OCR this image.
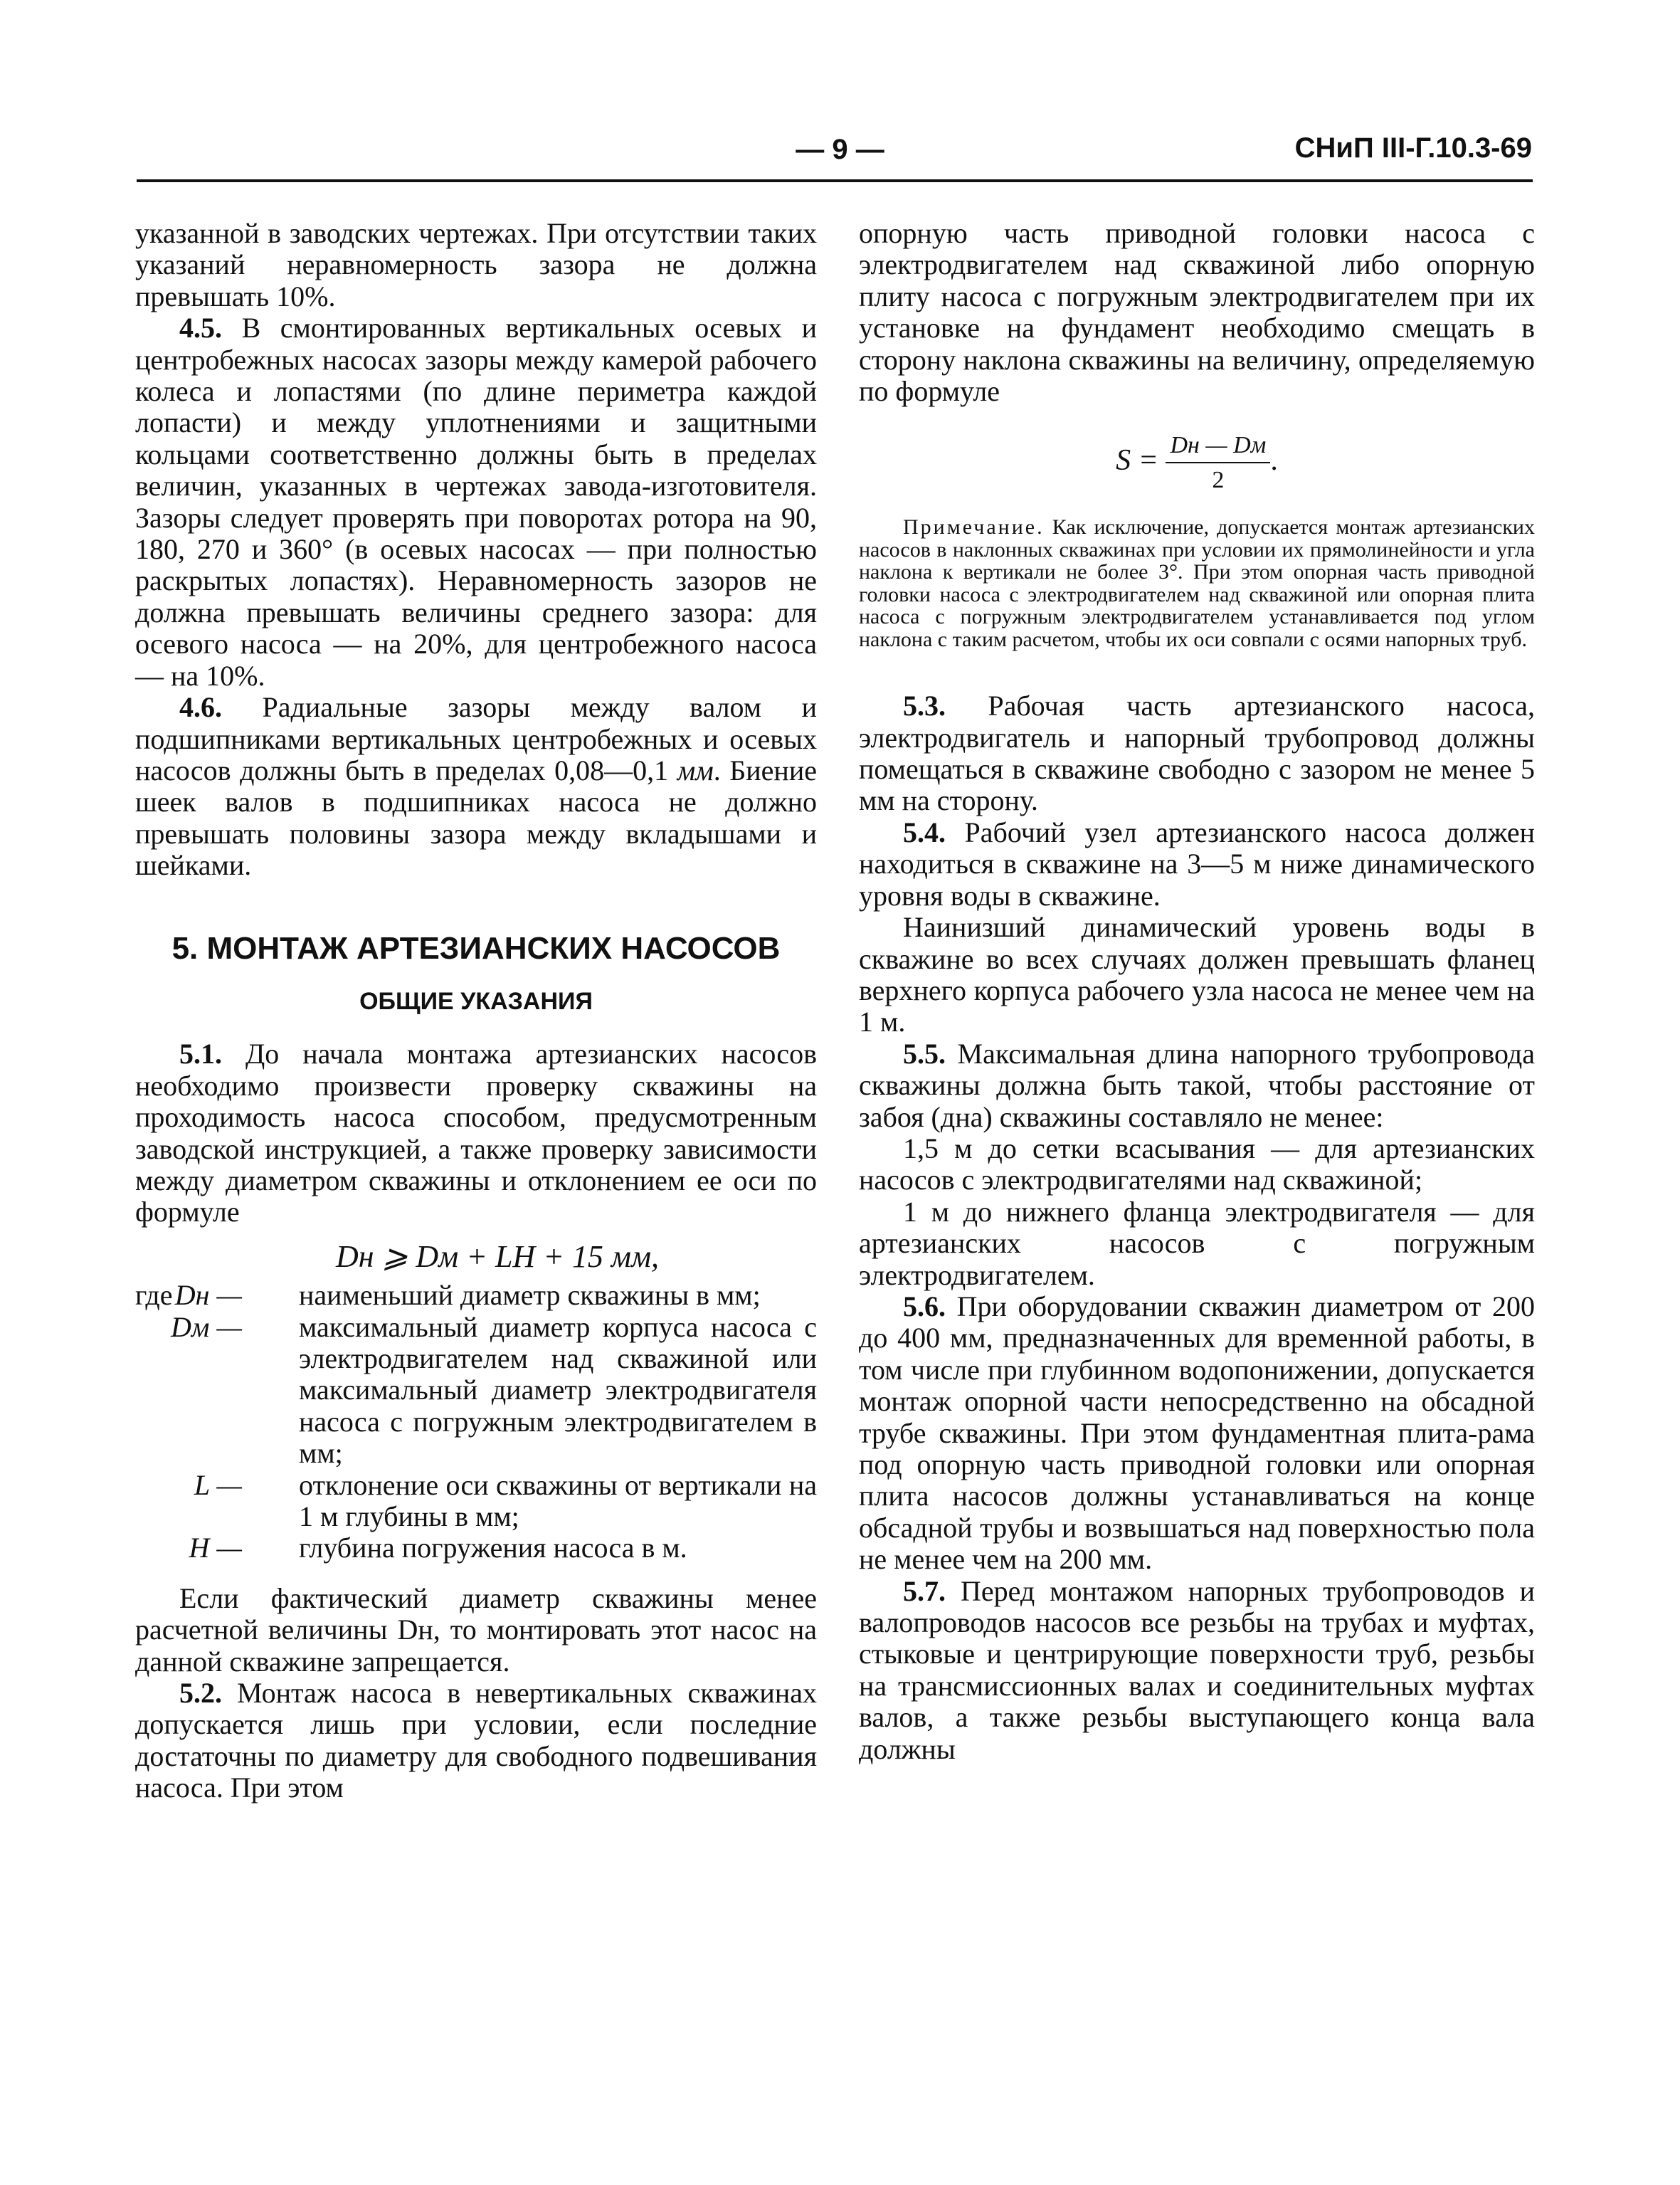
— 9 —	СНиП III-Г.10.3-69

указанной в заводских чертежах. При отсутствии таких указаний неравномерность зазора не должна превышать 10%.

4.5. В смонтированных вертикальных осевых и центробежных насосах зазоры между камерой рабочего колеса и лопастями (по длине периметра каждой лопасти) и между уплотнениями и защитными кольцами соответственно должны быть в пределах величин, указанных в чертежах завода-изготовителя. Зазоры следует проверять при поворотах ротора на 90, 180, 270 и 360° (в осевых насосах — при полностью раскрытых лопастях). Неравномерность зазоров не должна превышать величины среднего зазора: для осевого насоса — на 20%, для центробежного насоса — на 10%.

4.6. Радиальные зазоры между валом и подшипниками вертикальных центробежных и осевых насосов должны быть в пределах 0,08—0,1 мм. Биение шеек валов в подшипниках насоса не должно превышать половины зазора между вкладышами и шейками.

5. МОНТАЖ АРТЕЗИАНСКИХ НАСОСОВ
ОБЩИЕ УКАЗАНИЯ

5.1. До начала монтажа артезианских насосов необходимо произвести проверку скважины на проходимость насоса способом, предусмотренным заводской инструкцией, а также проверку зависимости между диаметром скважины и отклонением ее оси по формуле

Dн ⩾ Dм + LH + 15 мм,
где Dн — наименьший диаметр скважины в мм;
Dм — максимальный диаметр корпуса насоса с электродвигателем над скважиной или максимальный диаметр электродвигателя насоса с погружным электродвигателем в мм;
L — отклонение оси скважины от вертикали на 1 м глубины в мм;
H — глубина погружения насоса в м.

Если фактический диаметр скважины менее расчетной величины Dн, то монтировать этот насос на данной скважине запрещается.

5.2. Монтаж насоса в невертикальных скважинах допускается лишь при условии, если последние достаточны по диаметру для свободного подвешивания насоса. При этом

опорную часть приводной головки насоса с электродвигателем над скважиной либо опорную плиту насоса с погружным электродвигателем при их установке на фундамент необходимо смещать в сторону наклона скважины на величину, определяемую по формуле

$S = \frac{Dн — Dм}{2}$ .

Примечание. Как исключение, допускается монтаж артезианских насосов в наклонных скважинах при условии их прямолинейности и угла наклона к вертикали не более 3°. При этом опорная часть приводной головки насоса с электродвигателем над скважиной или опорная плита насоса с погружным электродвигателем устанавливается под углом наклона с таким расчетом, чтобы их оси совпали с осями напорных труб.

5.3. Рабочая часть артезианского насоса, электродвигатель и напорный трубопровод должны помещаться в скважине свободно с зазором не менее 5 мм на сторону.

5.4. Рабочий узел артезианского насоса должен находиться в скважине на 3—5 м ниже динамического уровня воды в скважине.

Наинизший динамический уровень воды в скважине во всех случаях должен превышать фланец верхнего корпуса рабочего узла насоса не менее чем на 1 м.

5.5. Максимальная длина напорного трубопровода скважины должна быть такой, чтобы расстояние от забоя (дна) скважины составляло не менее:

1,5 м до сетки всасывания — для артезианских насосов с электродвигателями над скважиной;

1 м до нижнего фланца электродвигателя — для артезианских насосов с погружным электродвигателем.

5.6. При оборудовании скважин диаметром от 200 до 400 мм, предназначенных для временной работы, в том числе при глубинном водопонижении, допускается монтаж опорной части непосредственно на обсадной трубе скважины. При этом фундаментная плита-рама под опорную часть приводной головки или опорная плита насосов должны устанавливаться на конце обсадной трубы и возвышаться над поверхностью пола не менее чем на 200 мм.

5.7. Перед монтажом напорных трубопроводов и валопроводов насосов все резьбы на трубах и муфтах, стыковые и центрирующие поверхности труб, резьбы на трансмиссионных валах и соединительных муфтах валов, а также резьбы выступающего конца вала должны
